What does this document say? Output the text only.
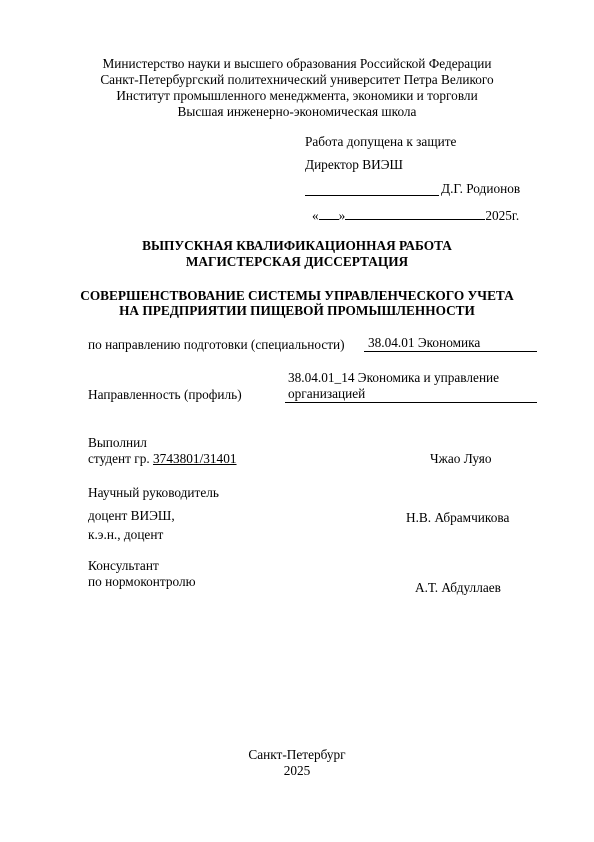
Министерство науки и высшего образования Российской Федерации
Санкт-Петербургский политехнический университет Петра Великого
Институт промышленного менеджмента, экономики и торговли
Высшая инженерно-экономическая школа
Работа допущена к защите
Директор ВИЭШ
Д.Г. Родионов
« »	2025г.
ВЫПУСКНАЯ КВАЛИФИКАЦИОННАЯ РАБОТА
МАГИСТЕРСКАЯ ДИССЕРТАЦИЯ
СОВЕРШЕНСТВОВАНИЕ СИСТЕМЫ УПРАВЛЕНЧЕСКОГО УЧЕТА
НА ПРЕДПРИЯТИИ ПИЩЕВОЙ ПРОМЫШЛЕННОСТИ
по направлению подготовки (специальности) 38.04.01 Экономика
Направленность (профиль)
38.04.01_14 Экономика и управление
организацией
Выполнил
студент гр. 3743801/31401	Чжао Луяо
Научный руководитель
доцент ВИЭШ,
к.э.н., доцент
Н.В. Абрамчикова
Консультант
по нормоконтролю	А.Т. Абдуллаев
Санкт-Петербург
2025
